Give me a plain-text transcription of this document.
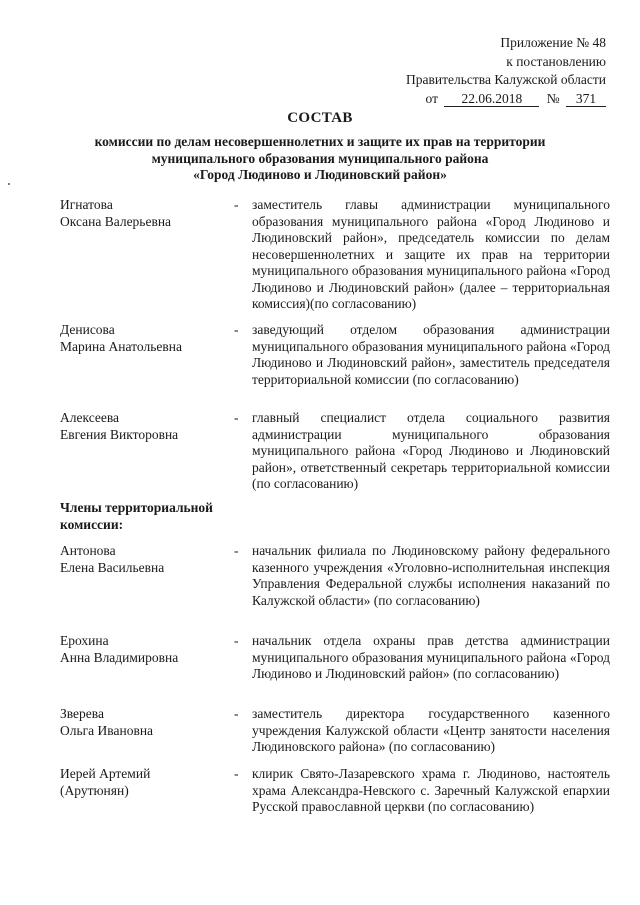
Приложение № 48
к постановлению
Правительства Калужской области
от 22.06.2018 № 371
СОСТАВ
комиссии по делам несовершеннолетних и защите их прав на территории
муниципального образования муниципального района
«Город Людиново и Людиновский район»
Игнатова
Оксана Валерьевна
- заместитель главы администрации муниципального образования муниципального района «Город Людиново и Людиновский район», председатель комиссии по делам несовершеннолетних и защите их прав на территории муниципального образования муниципального района «Город Людиново и Людиновский район» (далее – территориальная комиссия)(по согласованию)
Денисова
Марина Анатольевна
- заведующий отделом образования администрации муниципального образования муниципального района «Город Людиново и Людиновский район», заместитель председателя территориальной комиссии (по согласованию)
Алексеева
Евгения Викторовна
- главный специалист отдела социального развития администрации муниципального образования муниципального района «Город Людиново и Людиновский район», ответственный секретарь территориальной комиссии (по согласованию)
Члены территориальной
комиссии:
Антонова
Елена Васильевна
- начальник филиала по Людиновскому району федерального казенного учреждения «Уголовно-исполнительная инспекция Управления Федеральной службы исполнения наказаний по Калужской области» (по согласованию)
Ерохина
Анна Владимировна
- начальник отдела охраны прав детства администрации муниципального образования муниципального района «Город Людиново и Людиновский район» (по согласованию)
Зверева
Ольга Ивановна
- заместитель директора государственного казенного учреждения Калужской области «Центр занятости населения Людиновского района» (по согласованию)
Иерей Артемий
(Арутюнян)
- клирик Свято-Лазаревского храма г. Людиново, настоятель храма Александра-Невского с. Заречный Калужской епархии Русской православной церкви (по согласованию)
